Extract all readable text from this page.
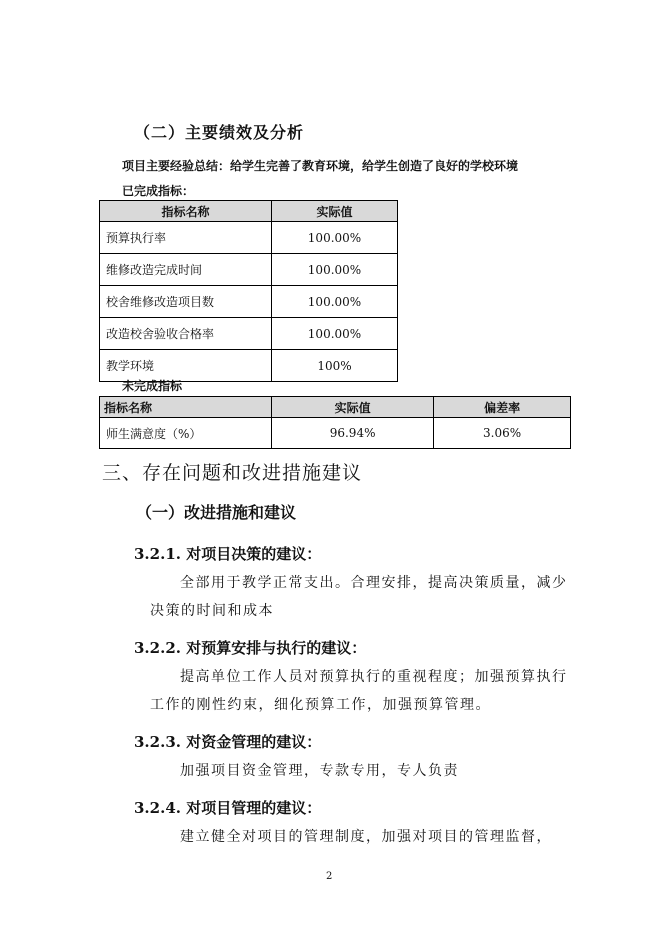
（二）主要绩效及分析
项目主要经验总结：给学生完善了教育环境，给学生创造了良好的学校环境
已完成指标：
指标名称	实际值
预算执行率	100.00%
维修改造完成时间	100.00%
校舍维修改造项目数	100.00%
改造校舍验收合格率	100.00%
教学环境	100%
未完成指标
指标名称	实际值	偏差率
师生满意度（%）	96.94%	3.06%
三、存在问题和改进措施建议
（一）改进措施和建议
3.2.1. 对项目决策的建议：
全部用于教学正常支出。合理安排，提高决策质量，减少决策的时间和成本
3.2.2. 对预算安排与执行的建议：
提高单位工作人员对预算执行的重视程度；加强预算执行工作的刚性约束，细化预算工作，加强预算管理。
3.2.3. 对资金管理的建议：
加强项目资金管理，专款专用，专人负责
3.2.4. 对项目管理的建议：
建立健全对项目的管理制度，加强对项目的管理监督，
2
